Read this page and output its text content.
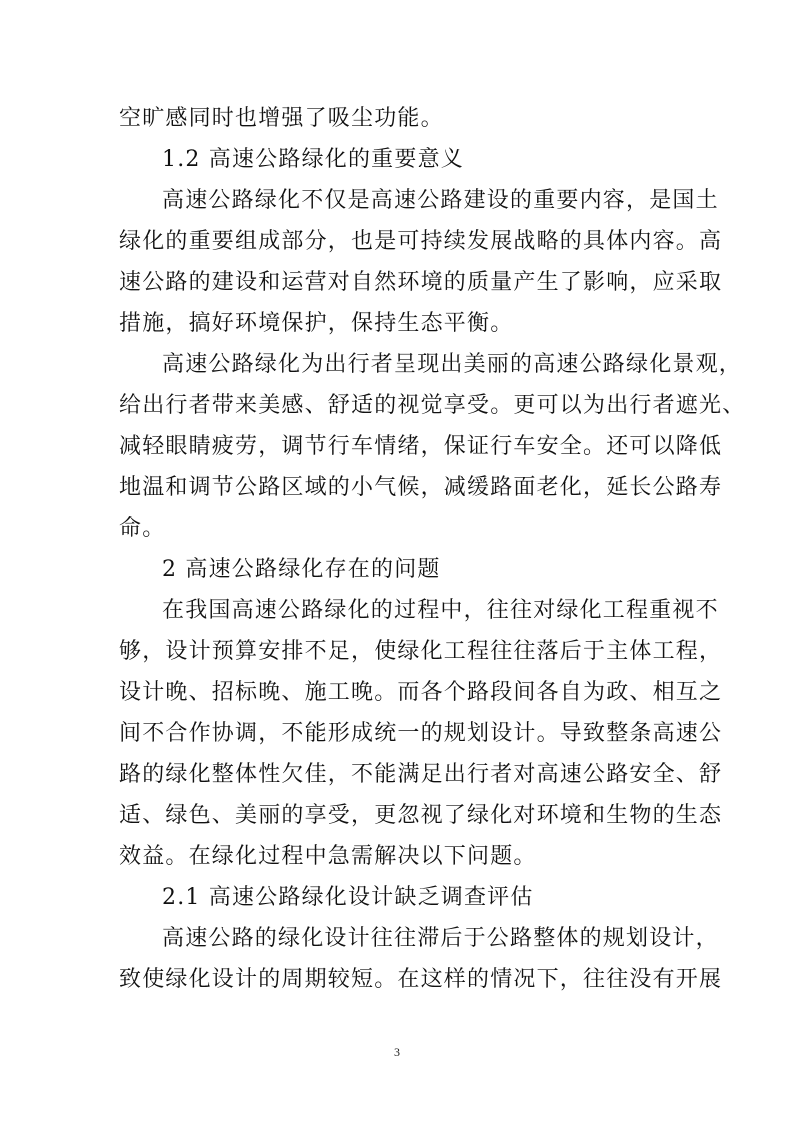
空旷感同时也增强了吸尘功能。
1.2 高速公路绿化的重要意义
高速公路绿化不仅是高速公路建设的重要内容，是国土
绿化的重要组成部分，也是可持续发展战略的具体内容。高
速公路的建设和运营对自然环境的质量产生了影响，应采取
措施，搞好环境保护，保持生态平衡。
高速公路绿化为出行者呈现出美丽的高速公路绿化景观，
给出行者带来美感、舒适的视觉享受。更可以为出行者遮光、
减轻眼睛疲劳，调节行车情绪，保证行车安全。还可以降低
地温和调节公路区域的小气候，减缓路面老化，延长公路寿
命。
2 高速公路绿化存在的问题
在我国高速公路绿化的过程中，往往对绿化工程重视不
够，设计预算安排不足，使绿化工程往往落后于主体工程，
设计晚、招标晚、施工晚。而各个路段间各自为政、相互之
间不合作协调，不能形成统一的规划设计。导致整条高速公
路的绿化整体性欠佳，不能满足出行者对高速公路安全、舒
适、绿色、美丽的享受，更忽视了绿化对环境和生物的生态
效益。在绿化过程中急需解决以下问题。
2.1 高速公路绿化设计缺乏调查评估
高速公路的绿化设计往往滞后于公路整体的规划设计，
致使绿化设计的周期较短。在这样的情况下，往往没有开展
3
